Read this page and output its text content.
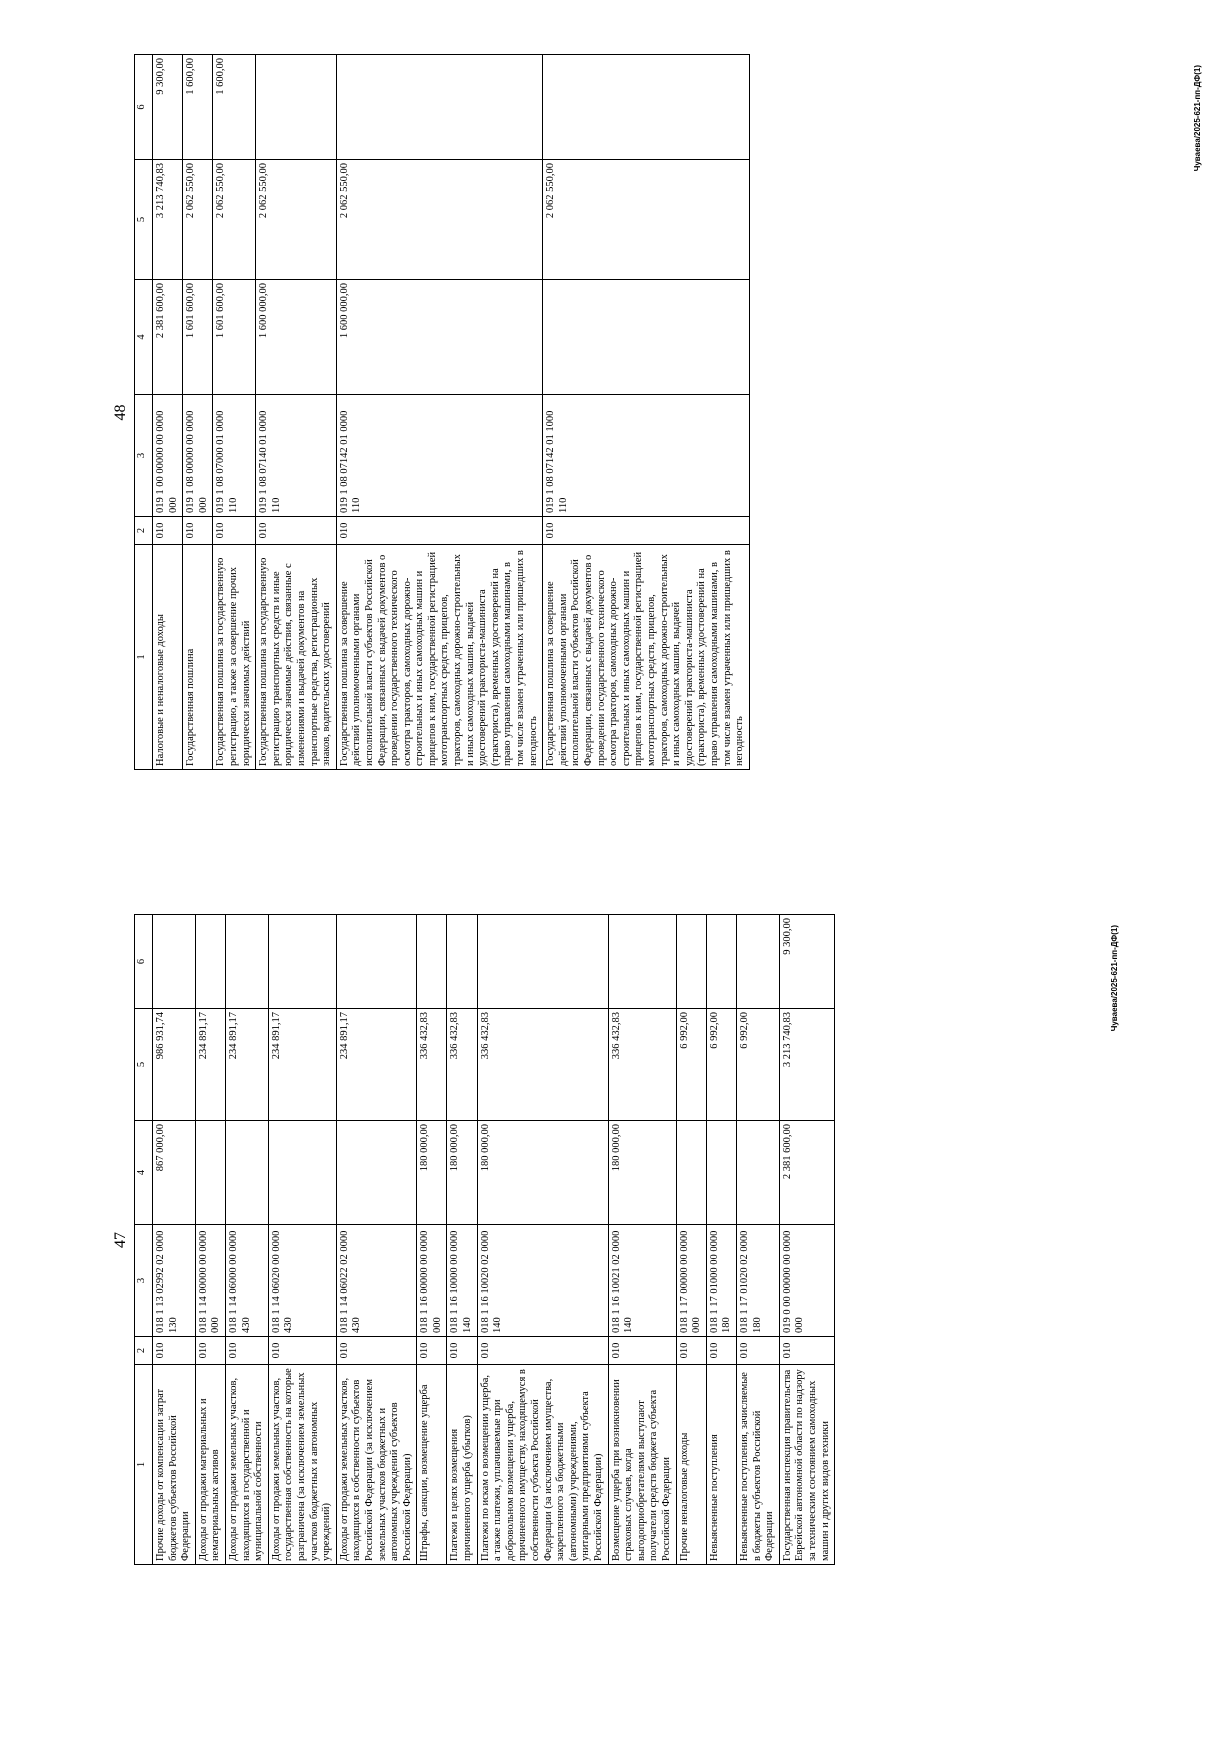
47
1	2	3	4	5	6
Прочие доходы от компенсации затрат бюджетов субъектов Российской Федерации	010	018 1 13 02992 02 0000 130	867 000,00	986 931,74	
Доходы от продажи материальных и нематериальных активов	010	018 1 14 00000 00 0000 000		234 891,17	
Доходы от продажи земельных участков, находящихся в государственной и муниципальной собственности	010	018 1 14 06000 00 0000 430		234 891,17	
Доходы от продажи земельных участков, государственная собственность на которые разграничена (за исключением земельных участков бюджетных и автономных учреждений)	010	018 1 14 06020 00 0000 430		234 891,17	
Доходы от продажи земельных участков, находящихся в собственности субъектов Российской Федерации (за исключением земельных участков бюджетных и автономных учреждений субъектов Российской Федерации)	010	018 1 14 06022 02 0000 430		234 891,17	
Штрафы, санкции, возмещение ущерба	010	018 1 16 00000 00 0000 000	180 000,00	336 432,83	
Платежи в целях возмещения причиненного ущерба (убытков)	010	018 1 16 10000 00 0000 140	180 000,00	336 432,83	
Платежи по искам о возмещении ущерба, а также платежи, уплачиваемые при добровольном возмещении ущерба, причиненного имуществу, находящемуся в собственности субъекта Российской Федерации (за исключением имущества, закрепленного за бюджетными (автономными) учреждениями, унитарными предприятиями субъекта Российской Федерации)	010	018 1 16 10020 02 0000 140	180 000,00	336 432,83	
Возмещение ущерба при возникновении страховых случаев, когда выгодоприобретателями выступают получатели средств бюджета субъекта Российской Федерации	010	018 1 16 10021 02 0000 140	180 000,00	336 432,83	
Прочие неналоговые доходы	010	018 1 17 00000 00 0000 000		6 992,00	
Невыясненные поступления	010	018 1 17 01000 00 0000 180		6 992,00	
Невыясненные поступления, зачисляемые в бюджеты субъектов Российской Федерации	010	018 1 17 01020 02 0000 180		6 992,00	
Государственная инспекция правительства Еврейской автономной области по надзору за техническим состоянием самоходных машин и других видов техники	010	019 0 00 00000 00 0000 000	2 381 600,00	3 213 740,83	9 300,00	Чуваева/2025-621-пп-ДФ(1)
48
1	2	3	4	5	6
Налоговые и неналоговые доходы	010	019 1 00 00000 00 0000 000	2 381 600,00	3 213 740,83	9 300,00
Государственная пошлина	010	019 1 08 00000 00 0000 000	1 601 600,00	2 062 550,00	1 600,00
Государственная пошлина за государственную регистрацию, а также за совершение прочих юридически значимых действий	010	019 1 08 07000 01 0000 110	1 601 600,00	2 062 550,00	1 600,00
Государственная пошлина за государственную регистрацию транспортных средств и иные юридически значимые действия, связанные с изменениями и выдачей документов на транспортные средства, регистрационных знаков, водительских удостоверений	010	019 1 08 07140 01 0000 110	1 600 000,00	2 062 550,00	
Государственная пошлина за совершение действий уполномоченными органами исполнительной власти субъектов Российской Федерации, связанных с выдачей документов о проведении государственного технического осмотра тракторов, самоходных дорожно-строительных и иных самоходных машин и прицепов к ним, государственной регистрацией мототранспортных средств, прицепов, тракторов, самоходных дорожно-строительных и иных самоходных машин, выдачей удостоверений тракториста-машиниста (тракториста), временных удостоверений на право управления самоходными машинами, в том числе взамен утраченных или пришедших в негодность	010	019 1 08 07142 01 0000 110	1 600 000,00	2 062 550,00	
Государственная пошлина за совершение действий уполномоченными органами исполнительной власти субъектов Российской Федерации, связанных с выдачей документов о проведении государственного технического осмотра тракторов, самоходных дорожно-строительных и иных самоходных машин и прицепов к ним, государственной регистрацией мототранспортных средств, прицепов, тракторов, самоходных дорожно-строительных и иных самоходных машин, выдачей удостоверений тракториста-машиниста (тракториста), временных удостоверений на право управления самоходными машинами, в том числе взамен утраченных или пришедших в негодность	010	019 1 08 07142 01 1000 110		2 062 550,00	
Чуваева/2025-621-пп-ДФ(1)
